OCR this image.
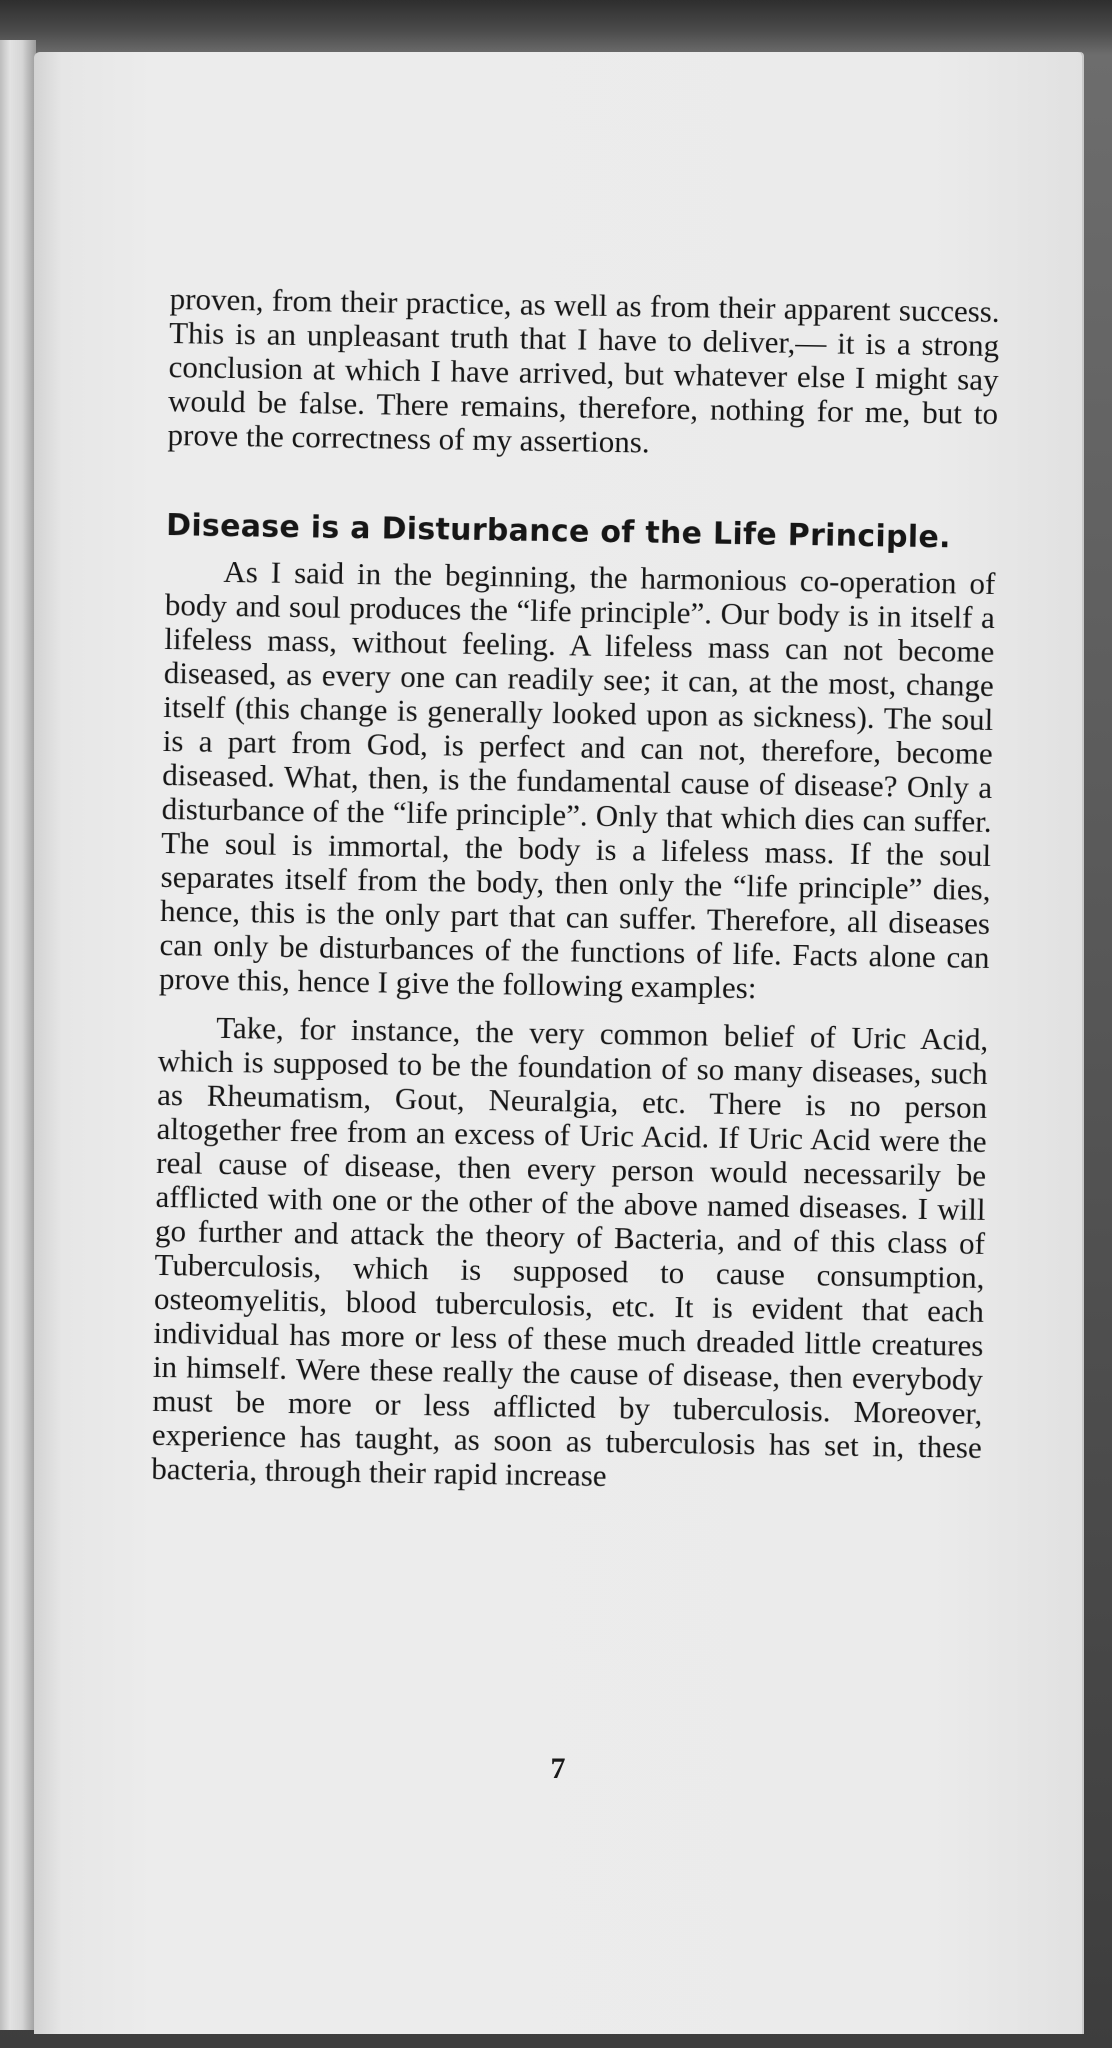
proven, from their practice, as well as from their apparent success. This is an unpleasant truth that I have to deliver,— it is a strong conclusion at which I have arrived, but whatever else I might say would be false. There remains, therefore, nothing for me, but to prove the correctness of my assertions.

Disease is a Disturbance of the Life Principle.

As I said in the beginning, the harmonious co-operation of body and soul produces the “life principle”. Our body is in itself a lifeless mass, without feeling. A lifeless mass can not become diseased, as every one can readily see; it can, at the most, change itself (this change is generally looked upon as sickness). The soul is a part from God, is perfect and can not, therefore, become diseased. What, then, is the fundamental cause of disease? Only a disturbance of the “life principle”. Only that which dies can suffer. The soul is immortal, the body is a lifeless mass. If the soul separates itself from the body, then only the “life principle” dies, hence, this is the only part that can suffer. Therefore, all diseases can only be disturbances of the functions of life. Facts alone can prove this, hence I give the following examples:

Take, for instance, the very common belief of Uric Acid, which is supposed to be the foundation of so many diseases, such as Rheumatism, Gout, Neuralgia, etc. There is no person altogether free from an excess of Uric Acid. If Uric Acid were the real cause of disease, then every person would necessarily be afflicted with one or the other of the above named diseases. I will go further and attack the theory of Bacteria, and of this class of Tuberculosis, which is supposed to cause consumption, osteomyelitis, blood tuberculosis, etc. It is evident that each individual has more or less of these much dreaded little creatures in himself. Were these really the cause of disease, then everybody must be more or less afflicted by tuberculosis. Moreover, experience has taught, as soon as tuberculosis has set in, these bacteria, through their rapid increase

7
